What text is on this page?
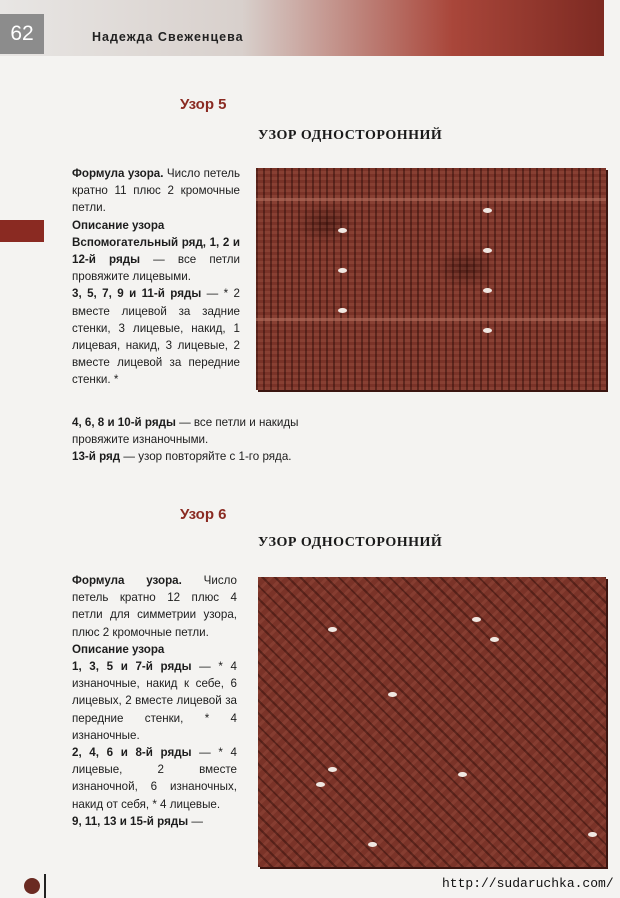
62	Надежда Свеженцева
Узор 5
УЗОР ОДНОСТОРОННИЙ

Формула узора. Число петель кратно 11 плюс 2 кромочные петли.

Описание узора

Вспомогательный ряд, 1, 2 и 12-й ряды — все петли провяжите лицевыми.

3, 5, 7, 9 и 11-й ряды — * 2 вместе лицевой за задние стенки, 3 лицевые, накид, 1 лицевая, накид, 3 лицевые, 2 вместе лицевой за передние стенки. *

4, 6, 8 и 10-й ряды — все петли и накиды провяжите изнаночными.

13-й ряд — узор повторяйте с 1-го ряда.

Узор 6
УЗОР ОДНОСТОРОННИЙ

Формула узора. Число петель кратно 12 плюс 4 петли для симметрии узора, плюс 2 кромочные петли.

Описание узора

1, 3, 5 и 7-й ряды — * 4 изнаночные, накид к себе, 6 лицевых, 2 вместе лицевой за передние стенки, * 4 изнаночные.

2, 4, 6 и 8-й ряды — * 4 лицевые, 2 вместе изнаночной, 6 изнаночных, накид от себя, * 4 лицевые.

9, 11, 13 и 15-й ряды —

http://sudaruchka.com/
